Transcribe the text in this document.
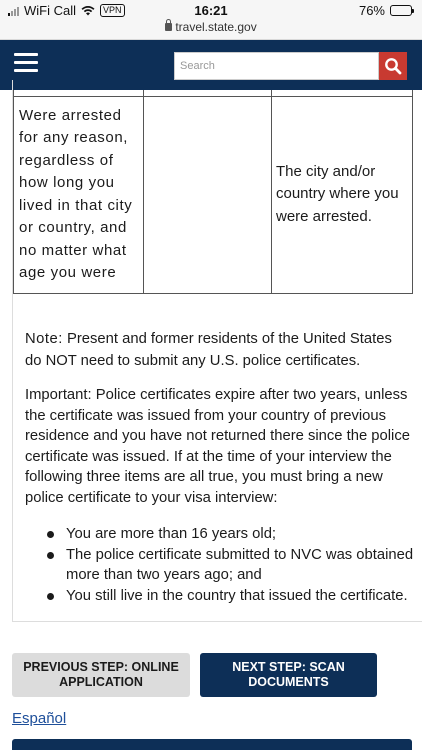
WiFi Call	VPN	16:21	76%
travel.state.gov
Search

Were arrested for any reason, regardless of how long you lived in that city or country, and no matter what age you were		The city and/or country where you were arrested.

Note: Present and former residents of the United States do NOT need to submit any U.S. police certificates.

Important: Police certificates expire after two years, unless the certificate was issued from your country of previous residence and you have not returned there since the police certificate was issued. If at the time of your interview the following three items are all true, you must bring a new police certificate to your visa interview:

You are more than 16 years old;
The police certificate submitted to NVC was obtained more than two years ago; and
You still live in the country that issued the certificate.
PREVIOUS STEP: ONLINE APPLICATION
NEXT STEP: SCAN DOCUMENTS
Español
